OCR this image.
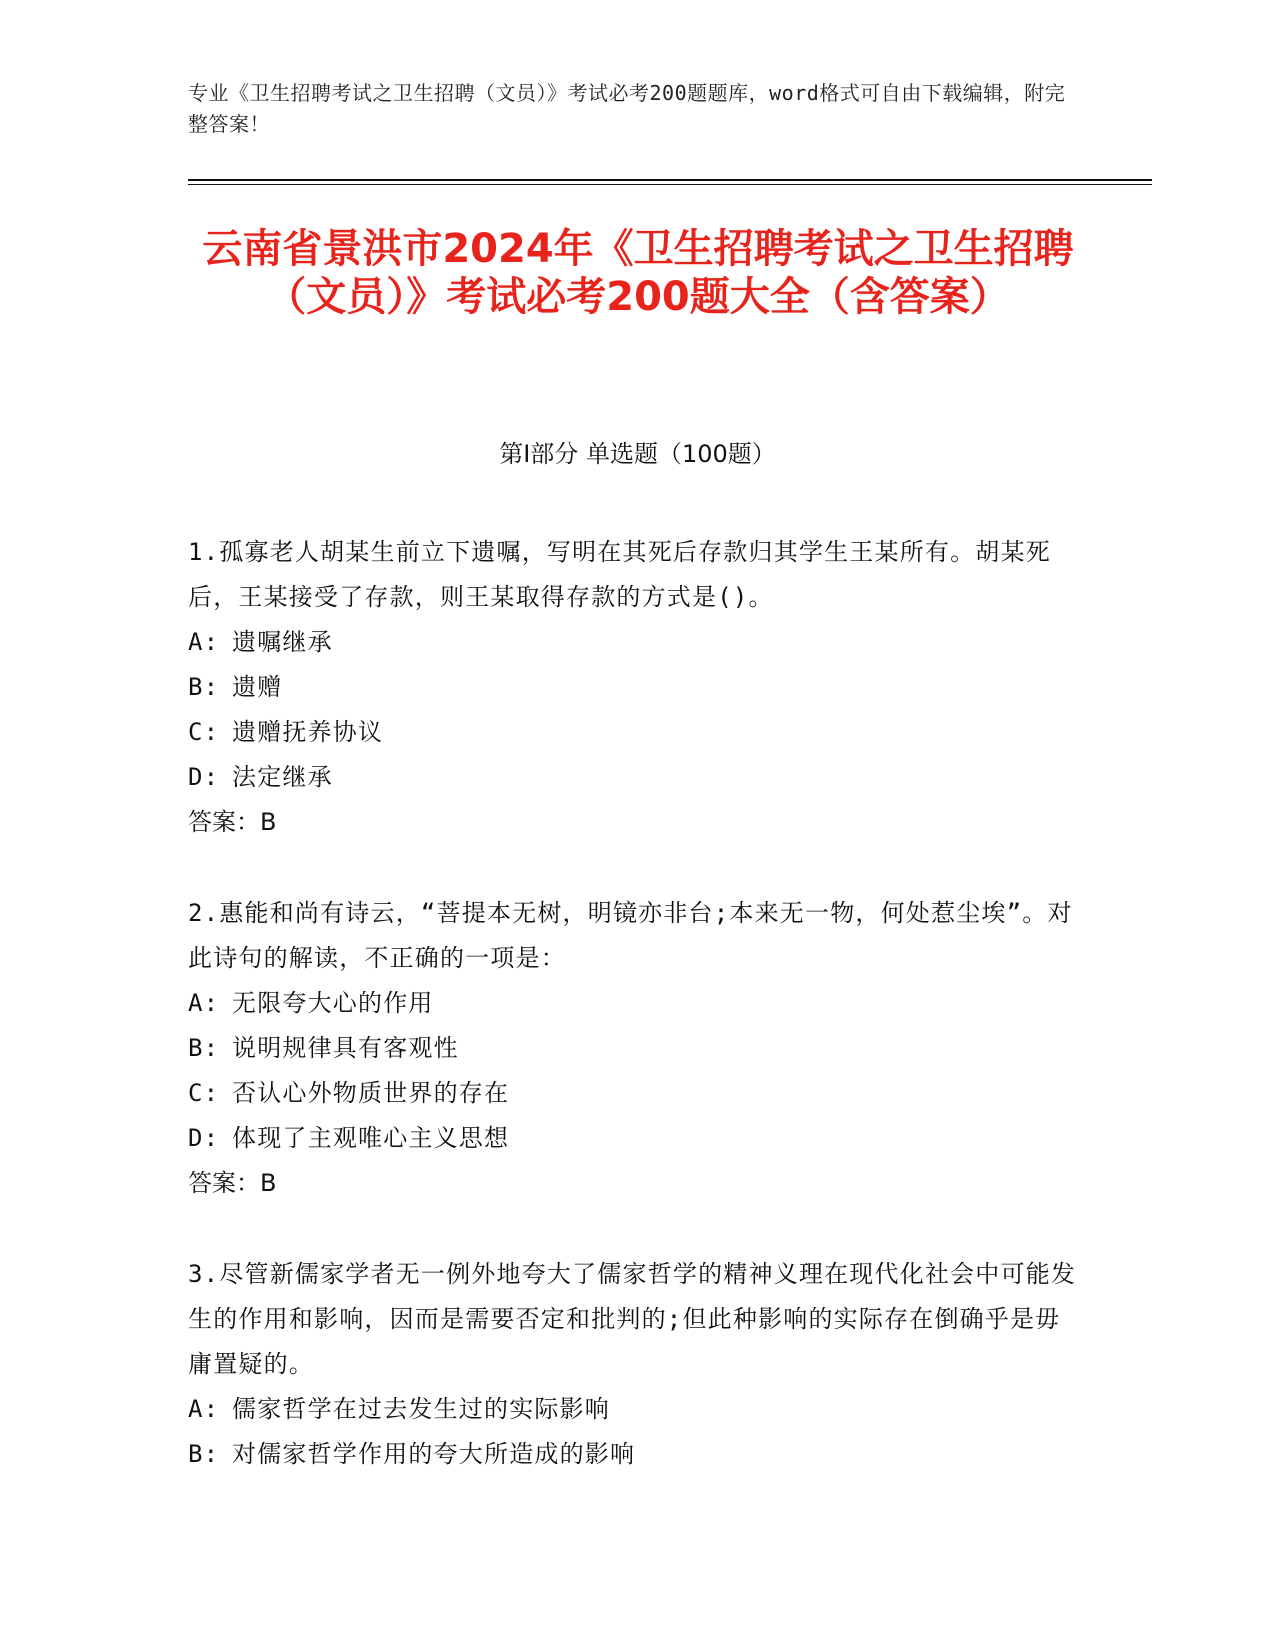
专业《卫生招聘考试之卫生招聘（文员）》考试必考200题题库，word格式可自由下载编辑，附完整答案！
云南省景洪市2024年《卫生招聘考试之卫生招聘（文员）》考试必考200题大全（含答案）
第I部分 单选题（100题）

1.孤寡老人胡某生前立下遗嘱，写明在其死后存款归其学生王某所有。胡某死后，王某接受了存款，则王某取得存款的方式是()。

A: 遗嘱继承
B: 遗赠
C: 遗赠抚养协议
D: 法定继承
答案：B

2.惠能和尚有诗云，“菩提本无树，明镜亦非台;本来无一物，何处惹尘埃”。对此诗句的解读，不正确的一项是：

A: 无限夸大心的作用
B: 说明规律具有客观性
C: 否认心外物质世界的存在
D: 体现了主观唯心主义思想
答案：B

3.尽管新儒家学者无一例外地夸大了儒家哲学的精神义理在现代化社会中可能发生的作用和影响，因而是需要否定和批判的;但此种影响的实际存在倒确乎是毋庸置疑的。

A: 儒家哲学在过去发生过的实际影响
B: 对儒家哲学作用的夸大所造成的影响
